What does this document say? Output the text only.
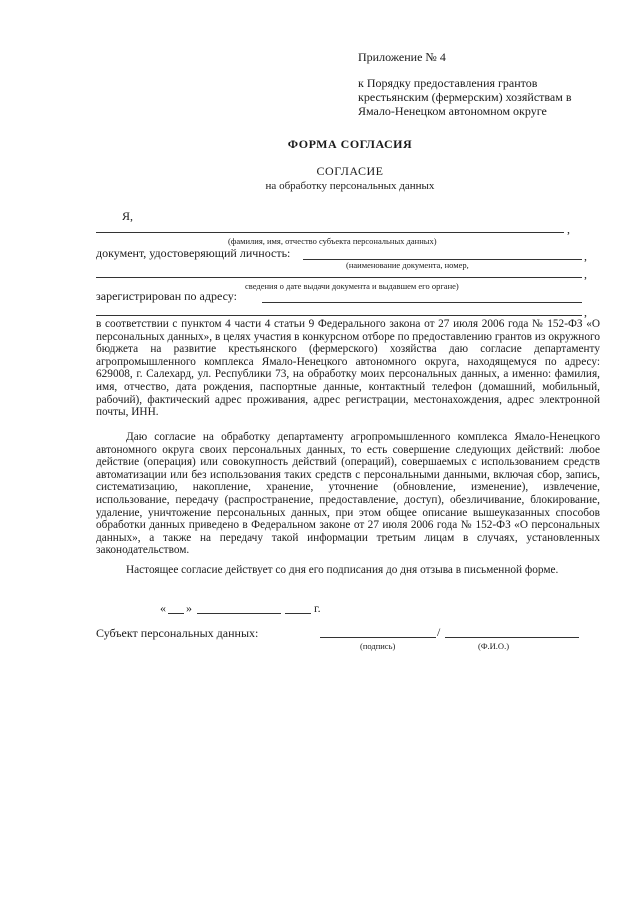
Приложение № 4
к Порядку предоставления грантов
крестьянским (фермерским) хозяйствам в
Ямало-Ненецком автономном округе
ФОРМА СОГЛАСИЯ
СОГЛАСИЕ
на обработку персональных данных
Я,
,
(фамилия, имя, отчество субъекта персональных данных)
документ, удостоверяющий личность:	,
(наименование документа, номер,
,
сведения о дате выдачи документа и выдавшем его органе)
зарегистрирован по адресу:
,
в соответствии с пунктом 4 части 4 статьи 9 Федерального закона от 27 июля 2006 года № 152-ФЗ «О персональных данных», в целях участия в конкурсном отборе по предоставлению грантов из окружного бюджета на развитие крестьянского (фермерского) хозяйства даю согласие департаменту агропромышленного комплекса Ямало-Ненецкого автономного округа, находящемуся по адресу: 629008, г. Салехард, ул. Республики 73, на обработку моих персональных данных, а именно: фамилия, имя, отчество, дата рождения, паспортные данные, контактный телефон (домашний, мобильный, рабочий), фактический адрес проживания, адрес регистрации, местонахождения, адрес электронной почты, ИНН.
Даю согласие на обработку департаменту агропромышленного комплекса Ямало-Ненецкого автономного округа своих персональных данных, то есть совершение следующих действий: любое действие (операция) или совокупность действий (операций), совершаемых с использованием средств автоматизации или без использования таких средств с персональными данными, включая сбор, запись, систематизацию, накопление, хранение, уточнение (обновление, изменение), извлечение, использование, передачу (распространение, предоставление, доступ), обезличивание, блокирование, удаление, уничтожение персональных данных, при этом общее описание вышеуказанных способов обработки данных приведено в Федеральном законе от 27 июля 2006 года № 152-ФЗ «О персональных данных», а также на передачу такой информации третьим лицам в случаях, установленных законодательством.
Настоящее согласие действует со дня его подписания до дня отзыва в письменной форме.
« »	г.
Субъект персональных данных:	/
(подпись)	(Ф.И.О.)
